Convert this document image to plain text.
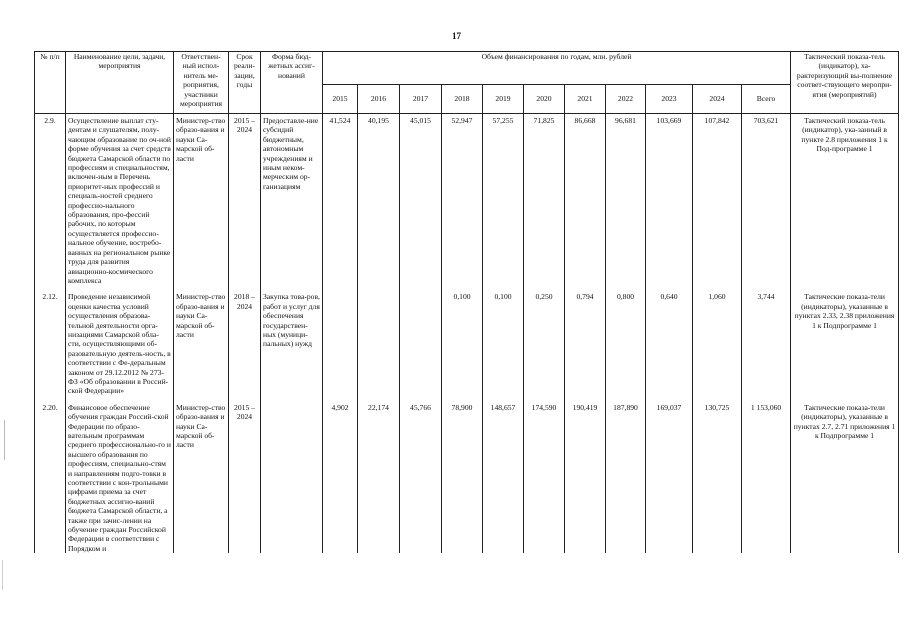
17
№ п/п	Наименование цели, задачи, мероприятия	Ответствен-ный испол-нитель ме-роприятия, участники мероприятия	Срок реали-зации, годы	Форма бюд-жетных ассиг-нований	Объем финансирования по годам, млн. рублей											Тактический показа-тель (индикатор), ха-рактеризующий вы-полнение соответ-ствующего меропри-ятия (мероприятий)
					2015	2016	2017	2018	2019	2020	2021	2022	2023	2024	Всего	
2.9.	Осуществление выплат сту-дентам и слушателям, полу-чающим образование по оч-ной форме обучения за счет средств бюджета Самарской области по профессиям и специальностям, включен-ным в Перечень приоритет-ных профессий и специаль-ностей среднего професcио-нального образования, про-фессий рабочих, по которым осуществляется профессио-нальное обучение, востребо-ванных на региональном рынке труда для развития авиационно-космического комплекса	Министер-ство образо-вания и науки Са-марской об-ласти	2015 – 2024	Предоставле-ние субсидий бюджетным, автономным учреждениям и иным неком-мерческим ор-ганизациям	41,524	40,195	45,015	52,947	57,255	71,825	86,668	96,681	103,669	107,842	703,621	Тактический показа-тель (индикатор), ука-занный в пункте 2.8 приложения 1 к Под-программе 1

2.12.	Проведение независимой оценки качества условий осуществления образова-тельной деятельности орга-низациями Самарской обла-сти, осуществляющими об-разовательную деятель-ность, в соответствии с Фе-деральным законом от 29.12.2012 № 273-ФЗ «Об образовании в Россий-ской Федерации»	Министер-ство образо-вания и науки Са-марской об-ласти	2018 – 2024	Закупка това-ров, работ и услуг для обеспечения государствен-ных (муници-пальных) нужд				0,100	0,100	0,250	0,794	0,800	0,640	1,060	3,744	Тактические показа-тели (индикаторы), указанные в пунктах 2.33, 2.38 приложения 1 к Подпрограмме 1

2.20.	Финансовое обеспечение обучения граждан Россий-ской Федерации по образо-вательным программам среднего профессионально-го и высшего образования по профессиям, специально-стям и направлениям подго-товки в соответствии с кон-трольными цифрами приема за счет бюджетных ассигно-ваний бюджета Самарской области, а также при зачис-лении на обучение граждан Российской Федерации в соответствии с Порядком и	Министер-ство образо-вания и науки Са-марской об-ласти	2015 – 2024		4,902	22,174	45,766	78,900	148,657	174,590	190,419	187,890	169,037	130,725	1 153,060	Тактические показа-тели (индикаторы), указанные в пунктах 2.7, 2.71 приложения 1 к Подпрограмме 1
